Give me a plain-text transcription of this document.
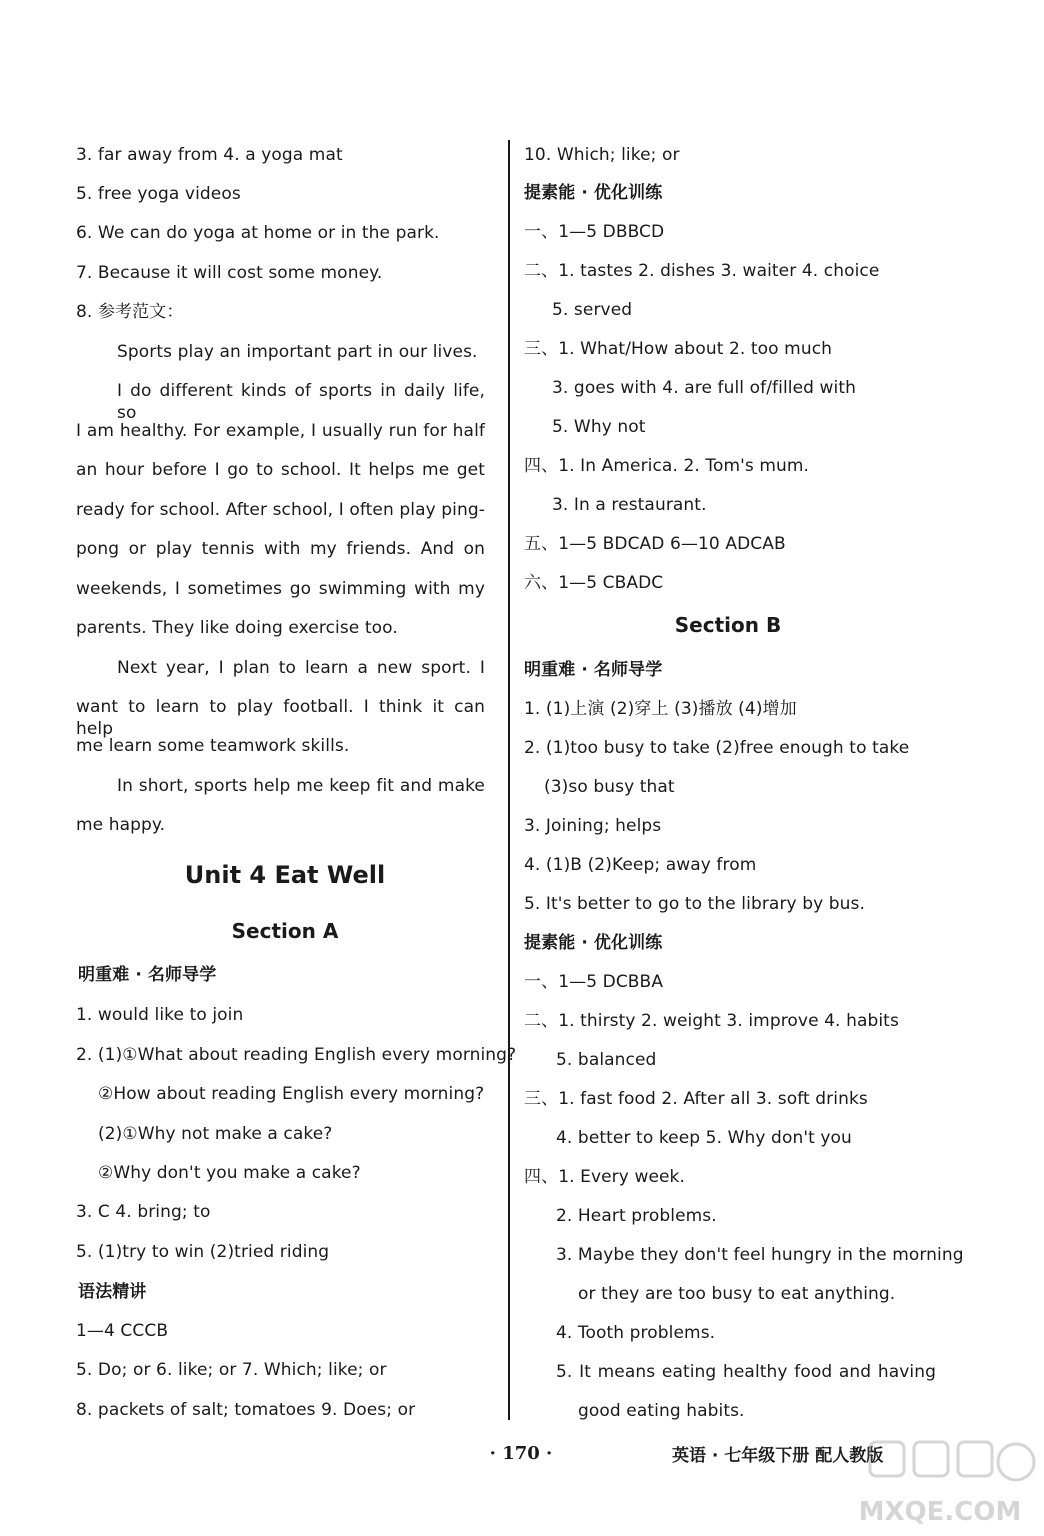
3. far away from 4. a yoga mat
5. free yoga videos
6. We can do yoga at home or in the park.
7. Because it will cost some money.
8. 参考范文：
Sports play an important part in our lives.
I do different kinds of sports in daily life, so
I am healthy. For example, I usually run for half
an hour before I go to school. It helps me get
ready for school. After school, I often play ping-
pong or play tennis with my friends. And on
weekends, I sometimes go swimming with my
parents. They like doing exercise too.
Next year, I plan to learn a new sport. I
want to learn to play football. I think it can help
me learn some teamwork skills.
In short, sports help me keep fit and make
me happy.
Unit 4 Eat Well
Section A
明重难 · 名师导学
1. would like to join
2. (1)①What about reading English every morning?
②How about reading English every morning?
(2)①Why not make a cake?
②Why don't you make a cake?
3. C 4. bring; to
5. (1)try to win (2)tried riding
语法精讲
1—4 CCCB
5. Do; or 6. like; or 7. Which; like; or
8. packets of salt; tomatoes 9. Does; or
10. Which; like; or
提素能 · 优化训练
一、1—5 DBBCD
二、1. tastes 2. dishes 3. waiter 4. choice
5. served
三、1. What/How about 2. too much
3. goes with 4. are full of/filled with
5. Why not
四、1. In America. 2. Tom's mum.
3. In a restaurant.
五、1—5 BDCAD 6—10 ADCAB
六、1—5 CBADC
Section B
明重难 · 名师导学
1. (1)上演 (2)穿上 (3)播放 (4)增加
2. (1)too busy to take (2)free enough to take
(3)so busy that
3. Joining; helps
4. (1)B (2)Keep; away from
5. It's better to go to the library by bus.
提素能 · 优化训练
一、1—5 DCBBA
二、1. thirsty 2. weight 3. improve 4. habits
5. balanced
三、1. fast food 2. After all 3. soft drinks
4. better to keep 5. Why don't you
四、1. Every week.
2. Heart problems.
3. Maybe they don't feel hungry in the morning
or they are too busy to eat anything.
4. Tooth problems.
5. It means eating healthy food and having
good eating habits.
· 170 ·	英语 · 七年级下册 配人教版
MXQE.COM
